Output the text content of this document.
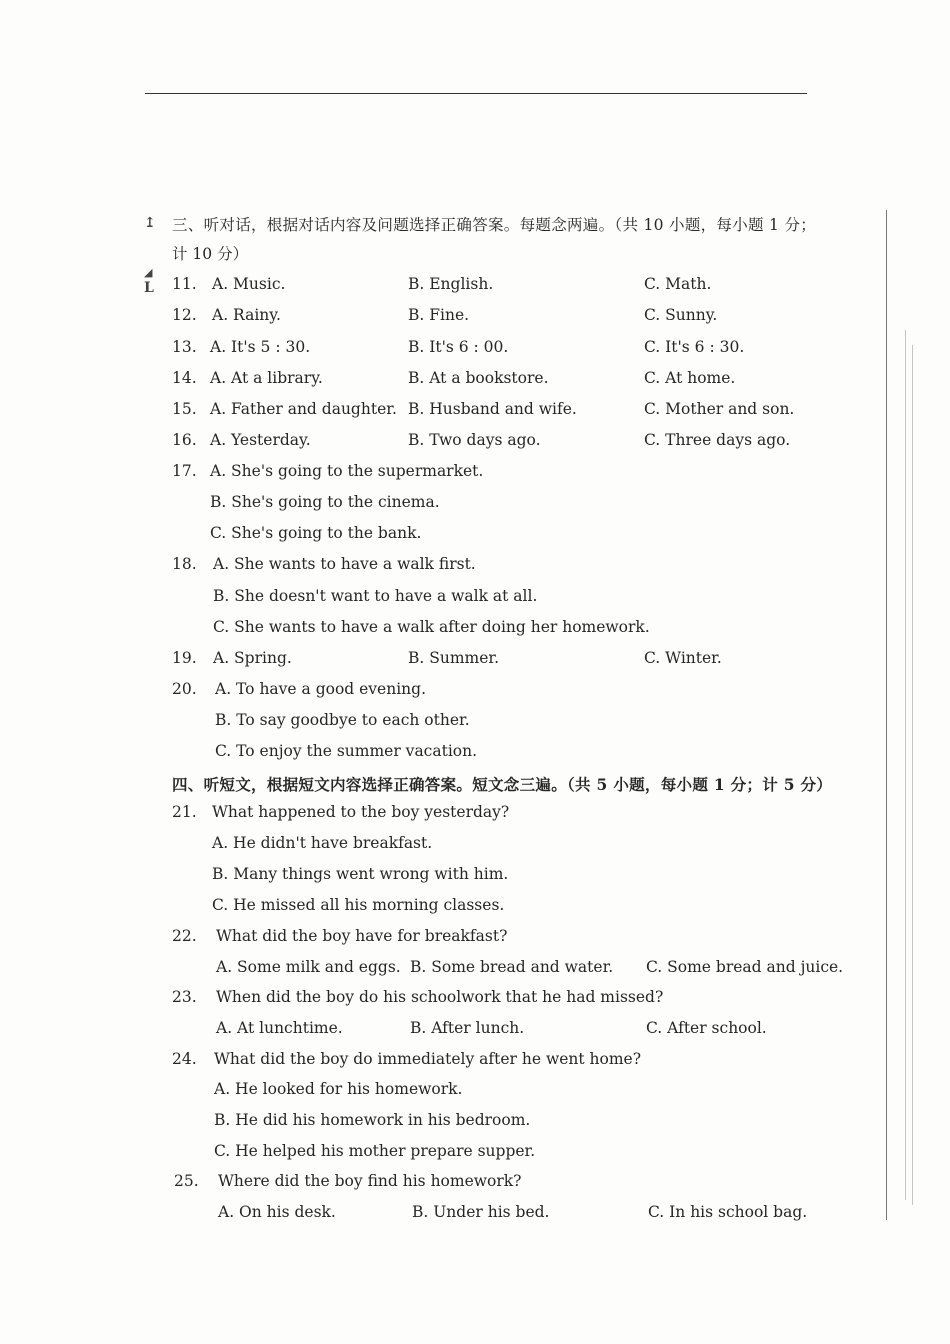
↥
◢
L
三、听对话，根据对话内容及问题选择正确答案。每题念两遍。（共 10 小题，每小题 1 分；
计 10 分）
11. A. Music.	B. English.	C. Math.
12. A. Rainy.	B. Fine.	C. Sunny.
13. A. It's 5 : 30.	B. It's 6 : 00.	C. It's 6 : 30.
14. A. At a library.	B. At a bookstore.	C. At home.
15. A. Father and daughter. B. Husband and wife.	C. Mother and son.
16. A. Yesterday.	B. Two days ago.	C. Three days ago.
17. A. She's going to the supermarket.
B. She's going to the cinema.
C. She's going to the bank.
18. A. She wants to have a walk first.
B. She doesn't want to have a walk at all.
C. She wants to have a walk after doing her homework.
19. A. Spring.	B. Summer.	C. Winter.
20. A. To have a good evening.
B. To say goodbye to each other.
C. To enjoy the summer vacation.
四、听短文，根据短文内容选择正确答案。短文念三遍。（共 5 小题，每小题 1 分；计 5 分）
21. What happened to the boy yesterday?
A. He didn't have breakfast.
B. Many things went wrong with him.
C. He missed all his morning classes.
22. What did the boy have for breakfast?
A. Some milk and eggs. B. Some bread and water. C. Some bread and juice.
23. When did the boy do his schoolwork that he had missed?
A. At lunchtime.	B. After lunch.	C. After school.
24. What did the boy do immediately after he went home?
A. He looked for his homework.
B. He did his homework in his bedroom.
C. He helped his mother prepare supper.
25. Where did the boy find his homework?
A. On his desk.	B. Under his bed.	C. In his school bag.
